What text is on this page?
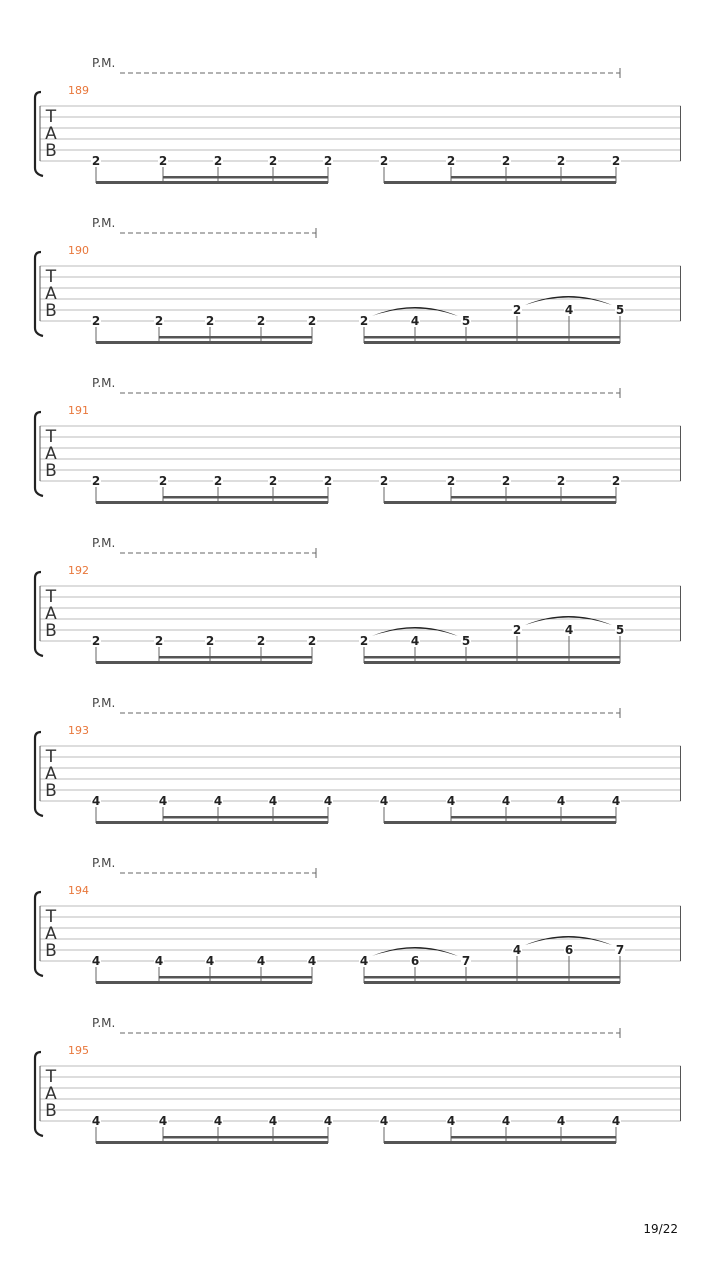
P.M.
189
T
A
B	2	2	2	2	2	2	2	2	2	2
P.M.
190
T
A
B	2	2	2	2	2	2	4	5
2	4	5
P.M.
191
T
A
B	2	2	2	2	2	2	2	2	2	2
P.M.
192
T
A
B	2	2	2	2	2	2	4	5
2	4	5
P.M.
193
T
A
B	4	4	4	4	4	4	4	4	4	4
P.M.
194
T
A
B	4	4	4	4	4	4	6	7
4	6	7
P.M.
195
T
A
B	4	4	4	4	4	4	4	4	4	4
19/22
